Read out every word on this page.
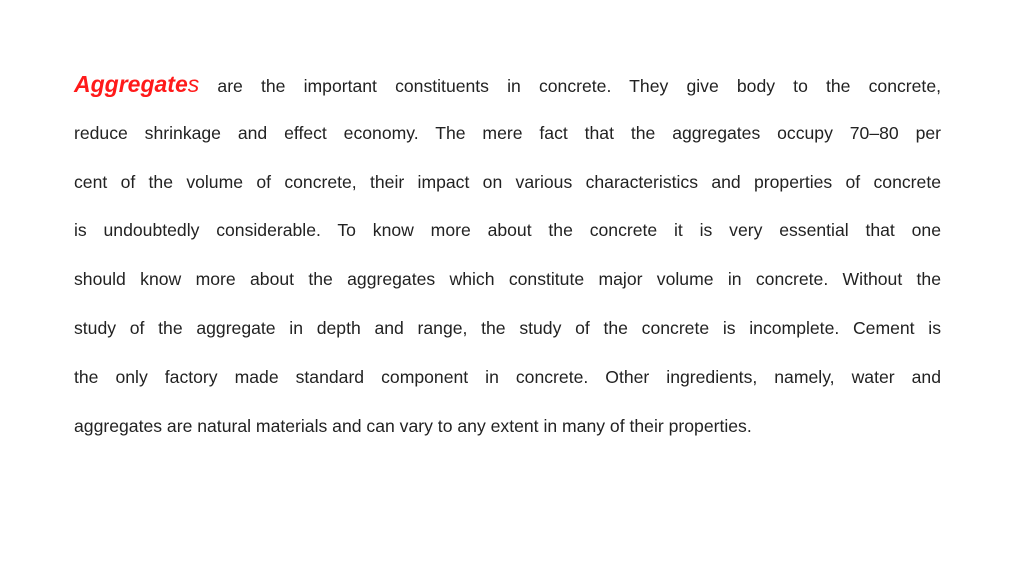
Aggregates are the important constituents in concrete. They give body to the concrete,
reduce shrinkage and effect economy. The mere fact that the aggregates occupy 70–80 per
cent of the volume of concrete, their impact on various characteristics and properties of concrete
is undoubtedly considerable. To know more about the concrete it is very essential that one
should know more about the aggregates which constitute major volume in concrete. Without the
study of the aggregate in depth and range, the study of the concrete is incomplete. Cement is
the only factory made standard component in concrete. Other ingredients, namely, water and
aggregates are natural materials and can vary to any extent in many of their properties.
